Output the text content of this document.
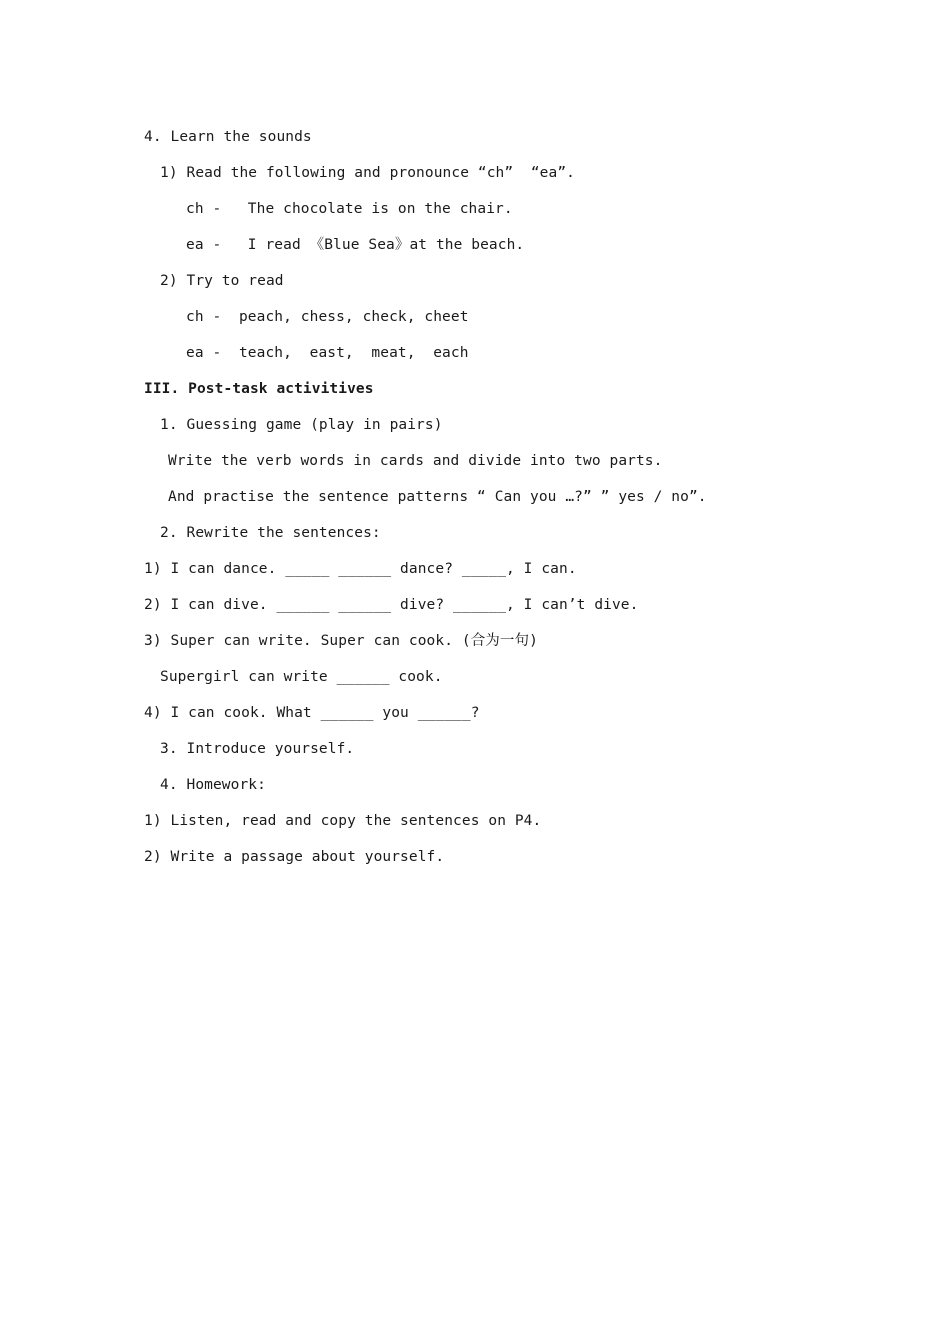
4. Learn the sounds
1) Read the following and pronounce “ch”  “ea”.
ch -   The chocolate is on the chair.
ea -   I read 《Blue Sea》at the beach.
2) Try to read
ch -  peach, chess, check, cheet
ea -  teach,  east,  meat,  each
III. Post-task activitives
1. Guessing game (play in pairs)
Write the verb words in cards and divide into two parts.
And practise the sentence patterns “ Can you …?” ” yes / no”.
2. Rewrite the sentences:
1) I can dance. _____ ______ dance? _____, I can.
2) I can dive. ______ ______ dive? ______, I can’t dive.
3) Super can write. Super can cook. (合为一句)
Supergirl can write ______ cook.
4) I can cook. What ______ you ______?
3. Introduce yourself.
4. Homework:
1) Listen, read and copy the sentences on P4.
2) Write a passage about yourself.
